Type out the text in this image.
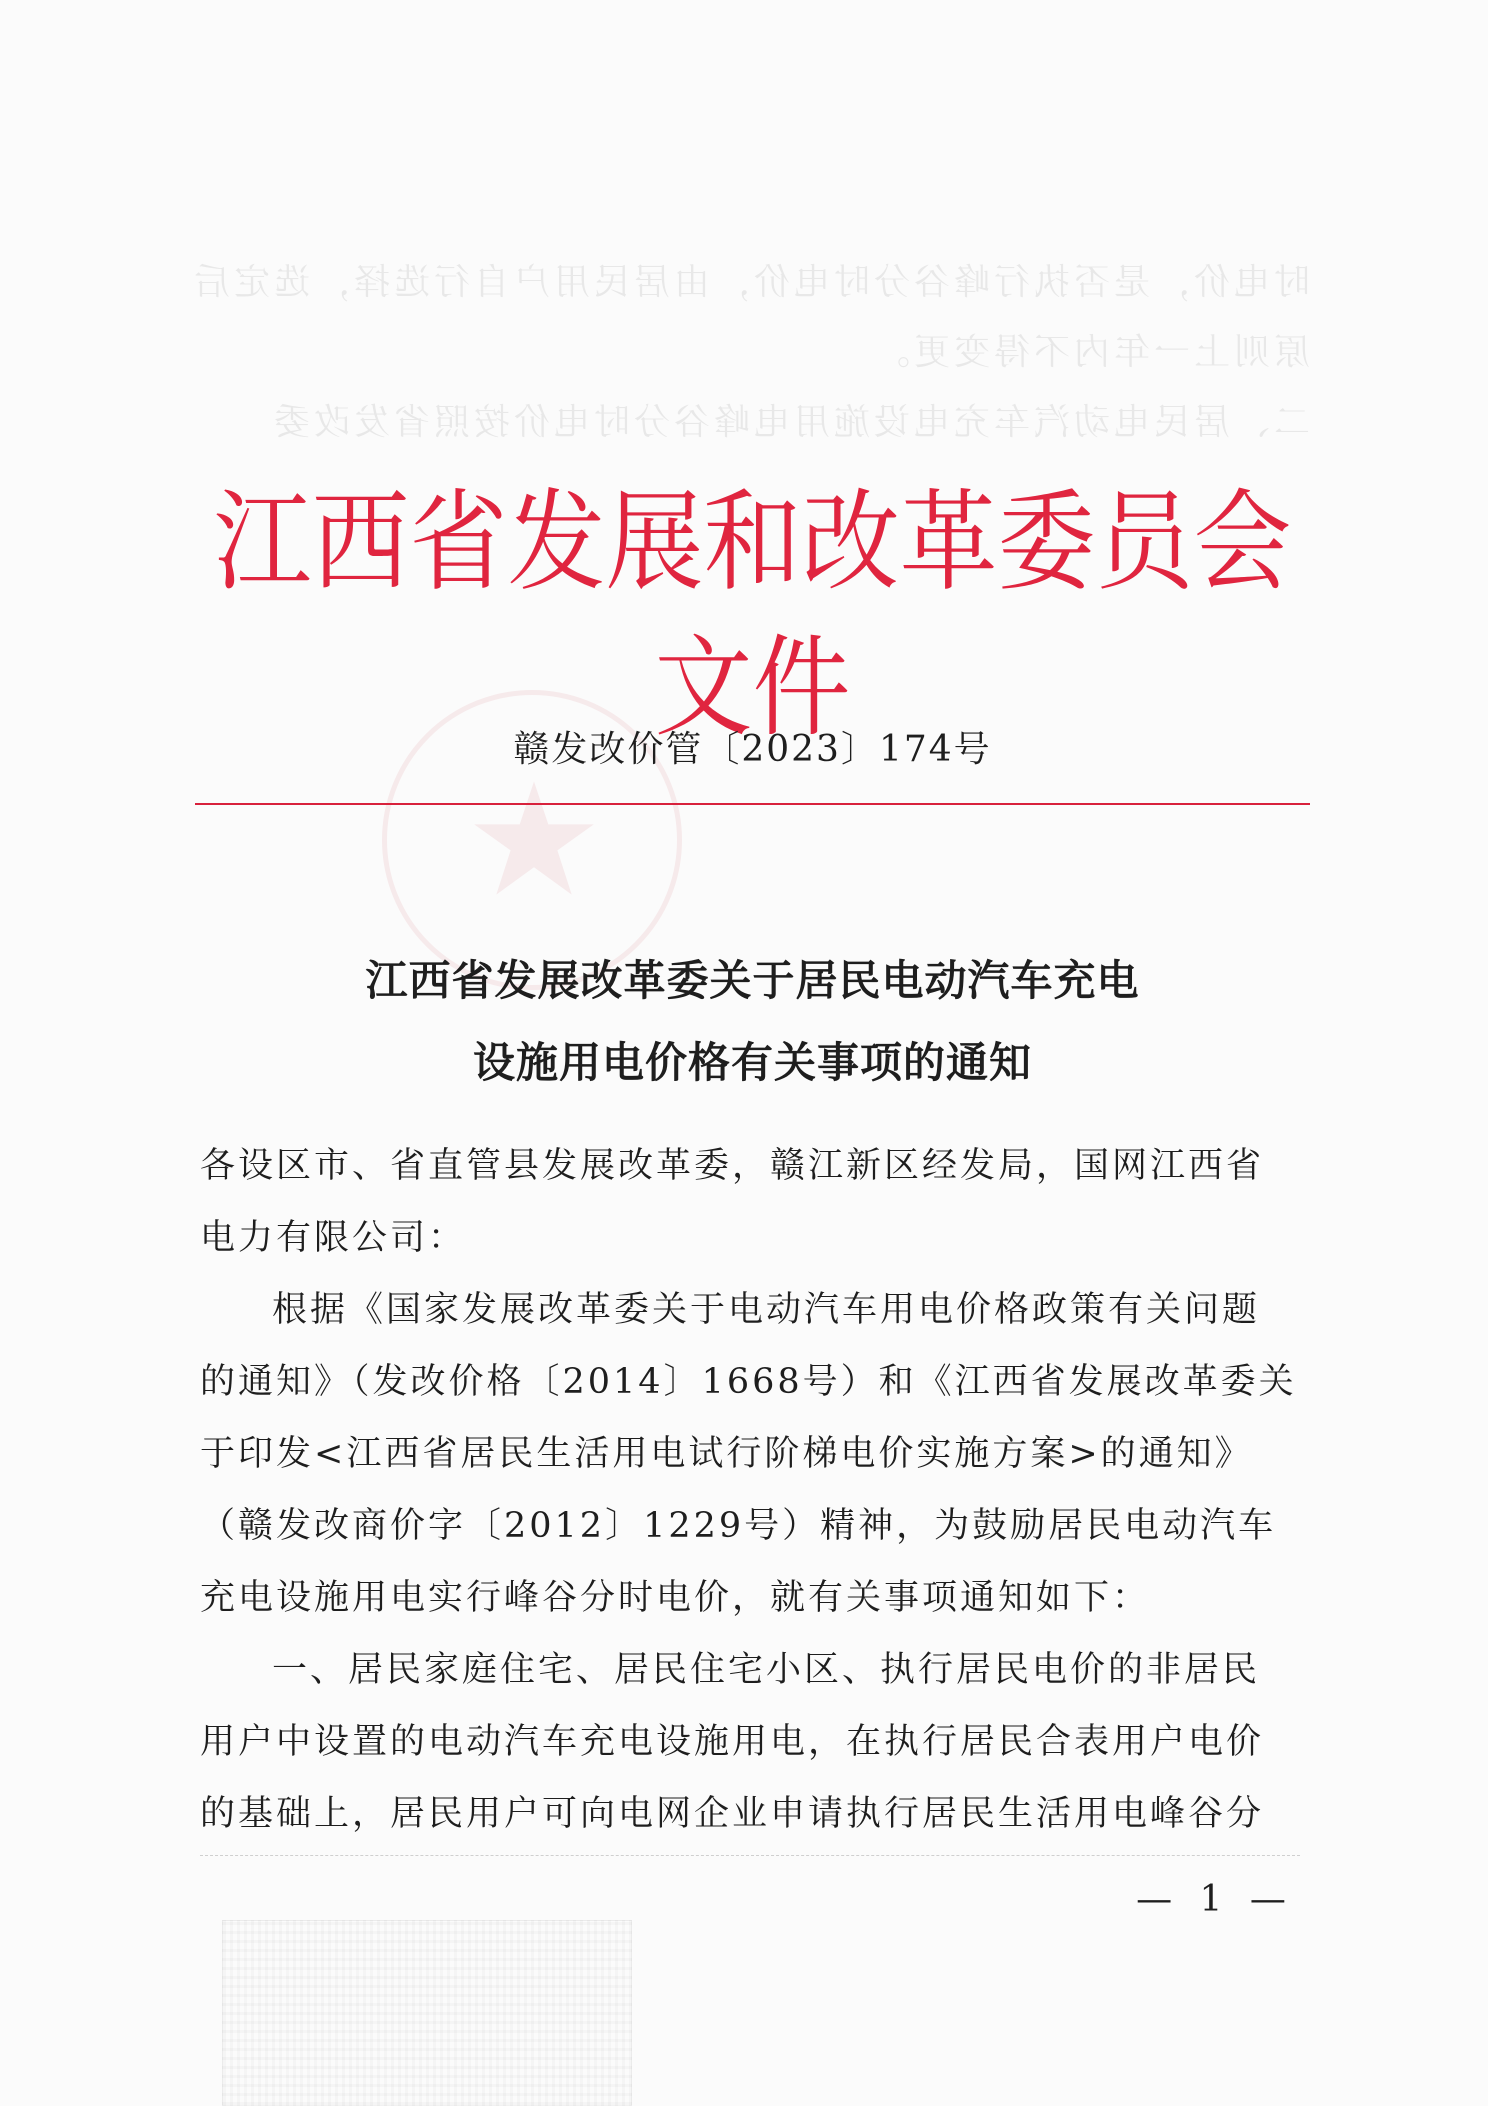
时电价，是否执行峰谷分时电价，由居民用户自行选择，选定后
原则上一年内不得变更。
二、居民电动汽车充电设施用电峰谷分时电价按照省发改委
江西省发展和改革委员会文件
赣发改价管〔2023〕174号
江西省发展改革委关于居民电动汽车充电
设施用电价格有关事项的通知

各设区市、省直管县发展改革委，赣江新区经发局，国网江西省

电力有限公司：

根据《国家发展改革委关于电动汽车用电价格政策有关问题

的通知》（发改价格〔2014〕1668号）和《江西省发展改革委关

于印发<江西省居民生活用电试行阶梯电价实施方案>的通知》

（赣发改商价字〔2012〕1229号）精神，为鼓励居民电动汽车

充电设施用电实行峰谷分时电价，就有关事项通知如下：

一、居民家庭住宅、居民住宅小区、执行居民电价的非居民

用户中设置的电动汽车充电设施用电，在执行居民合表用户电价

的基础上，居民用户可向电网企业申请执行居民生活用电峰谷分

— 1 —
